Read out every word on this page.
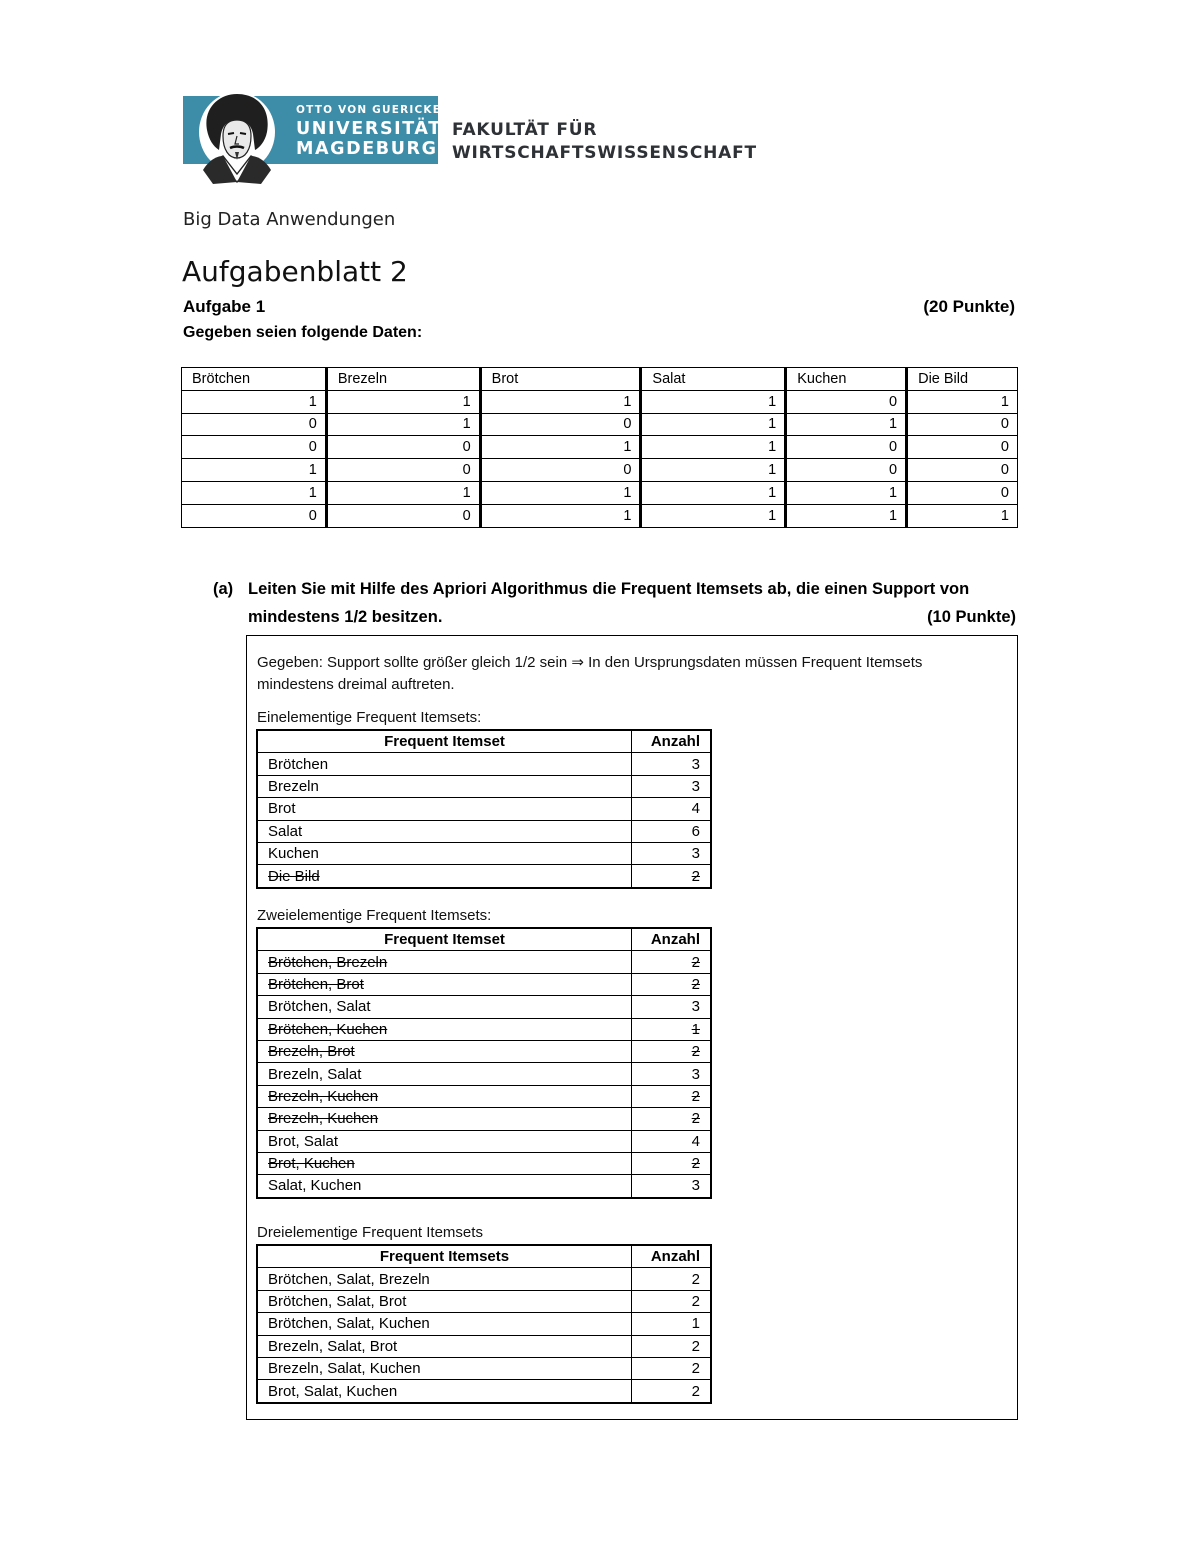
OTTO VON GUERICKE
UNIVERSITÄT
MAGDEBURG
FAKULTÄT FÜR
WIRTSCHAFTSWISSENSCHAFT
Big Data Anwendungen
Aufgabenblatt 2
Aufgabe 1	(20 Punkte)
Gegeben seien folgende Daten:
Brötchen	Brezeln	Brot	Salat	Kuchen	Die Bild
1	1	1	1	0	1
0	1	0	1	1	0
0	0	1	1	0	0
1	0	0	1	0	0
1	1	1	1	1	0
0	0	1	1	1	1
(a) Leiten Sie mit Hilfe des Apriori Algorithmus die Frequent Itemsets ab, die einen Support von
mindestens 1/2 besitzen.	(10 Punkte)
Gegeben: Support sollte größer gleich 1/2 sein ⇒ In den Ursprungsdaten müssen Frequent Itemsets
mindestens dreimal auftreten.
Einelementige Frequent Itemsets:
Frequent Itemset	Anzahl
Brötchen	3
Brezeln	3
Brot	4
Salat	6
Kuchen	3
Die Bild	2
Zweielementige Frequent Itemsets:
Frequent Itemset	Anzahl
Brötchen, Brezeln	2
Brötchen, Brot	2
Brötchen, Salat	3
Brötchen, Kuchen	1
Brezeln, Brot	2
Brezeln, Salat	3
Brezeln, Kuchen	2
Brezeln, Kuchen	2
Brot, Salat	4
Brot, Kuchen	2
Salat, Kuchen	3
Dreielementige Frequent Itemsets
Frequent Itemsets	Anzahl
Brötchen, Salat, Brezeln	2
Brötchen, Salat, Brot	2
Brötchen, Salat, Kuchen	1
Brezeln, Salat, Brot	2
Brezeln, Salat, Kuchen	2
Brot, Salat, Kuchen	2
